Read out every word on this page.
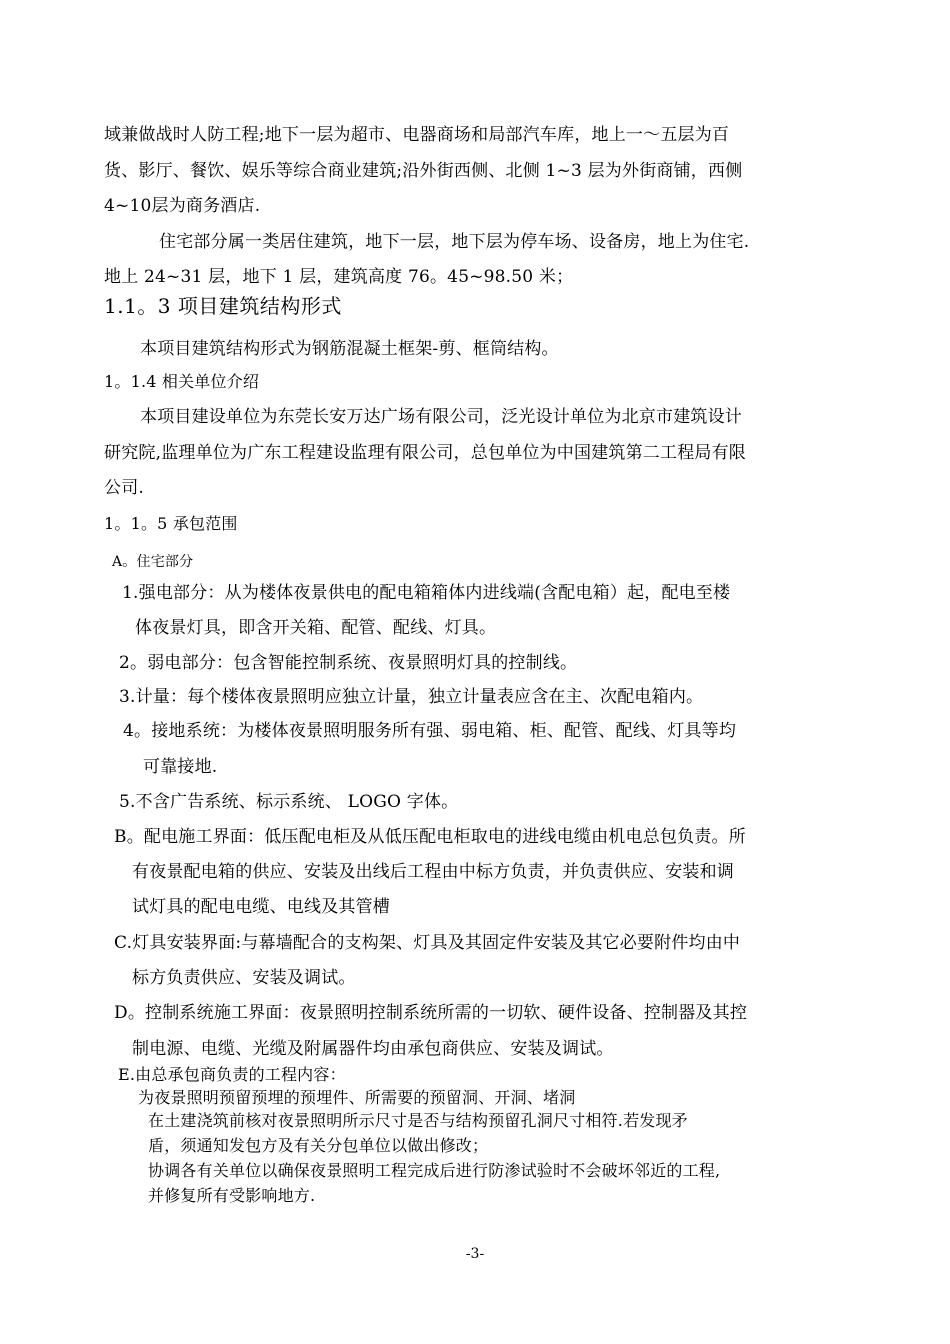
域兼做战时人防工程;地下一层为超市、电器商场和局部汽车库，地上一～五层为百
货、影厅、餐饮、娱乐等综合商业建筑;沿外街西侧、北侧 1~3 层为外街商铺，西侧
4~10层为商务酒店.
住宅部分属一类居住建筑，地下一层，地下层为停车场、设备房，地上为住宅.
地上 24~31 层，地下 1 层，建筑高度 76。45~98.50 米；
1.1。3 项目建筑结构形式
本项目建筑结构形式为钢筋混凝土框架-剪、框筒结构。
1。1.4 相关单位介绍
本项目建设单位为东莞长安万达广场有限公司，泛光设计单位为北京市建筑设计
研究院,监理单位为广东工程建设监理有限公司，总包单位为中国建筑第二工程局有限
公司.
1。1。5 承包范围
A。住宅部分
1.强电部分：从为楼体夜景供电的配电箱箱体内进线端(含配电箱）起，配电至楼
体夜景灯具，即含开关箱、配管、配线、灯具。
2。弱电部分：包含智能控制系统、夜景照明灯具的控制线。
3.计量：每个楼体夜景照明应独立计量，独立计量表应含在主、次配电箱内。
4。接地系统：为楼体夜景照明服务所有强、弱电箱、柜、配管、配线、灯具等均
可靠接地.
5.不含广告系统、标示系统、 LOGO 字体。
B。配电施工界面：低压配电柜及从低压配电柜取电的进线电缆由机电总包负责。所
有夜景配电箱的供应、安装及出线后工程由中标方负责，并负责供应、安装和调
试灯具的配电电缆、电线及其管槽
C.灯具安装界面:与幕墙配合的支构架、灯具及其固定件安装及其它必要附件均由中
标方负责供应、安装及调试。
D。控制系统施工界面：夜景照明控制系统所需的一切软、硬件设备、控制器及其控
制电源、电缆、光缆及附属器件均由承包商供应、安装及调试。
E.由总承包商负责的工程内容：
为夜景照明预留预埋的预埋件、所需要的预留洞、开洞、堵洞
在土建浇筑前核对夜景照明所示尺寸是否与结构预留孔洞尺寸相符.若发现矛
盾，须通知发包方及有关分包单位以做出修改；
协调各有关单位以确保夜景照明工程完成后进行防渗试验时不会破坏邻近的工程,
并修复所有受影响地方.
-3-
